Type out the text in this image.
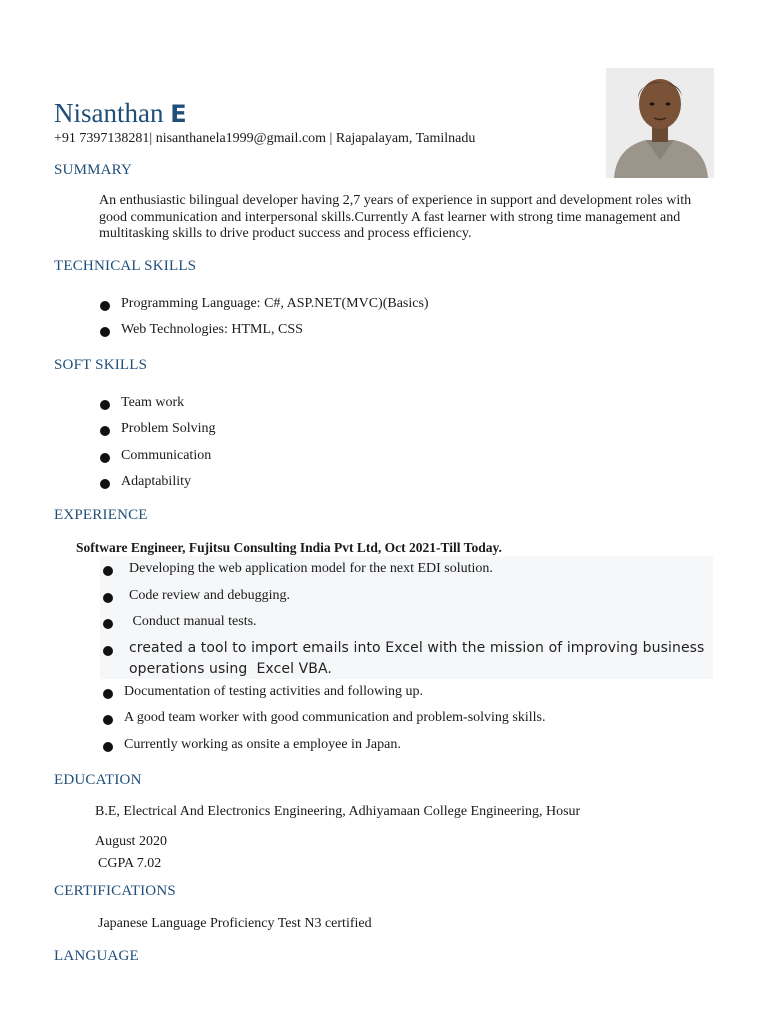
Nisanthan E
+91 7397138281| nisanthanela1999@gmail.com | Rajapalayam, Tamilnadu
SUMMARY
An enthusiastic bilingual developer having 2,7 years of experience in support and development roles with
good communication and interpersonal skills.Currently A fast learner with strong time management and
multitasking skills to drive product success and process efficiency.
TECHNICAL SKILLS
Programming Language: C#, ASP.NET(MVC)(Basics)
Web Technologies: HTML, CSS
SOFT SKILLS
Team work
Problem Solving
Communication
Adaptability
EXPERIENCE
Software Engineer, Fujitsu Consulting India Pvt Ltd, Oct 2021-Till Today.
Developing the web application model for the next EDI solution.
Code review and debugging.
Conduct manual tests.
created a tool to import emails into Excel with the mission of improving business
operations using  Excel VBA.
Documentation of testing activities and following up.
A good team worker with good communication and problem-solving skills.
Currently working as onsite a employee in Japan.
EDUCATION
B.E, Electrical And Electronics Engineering, Adhiyamaan College Engineering, Hosur
August 2020
CGPA 7.02
CERTIFICATIONS
Japanese Language Proficiency Test N3 certified
LANGUAGE
